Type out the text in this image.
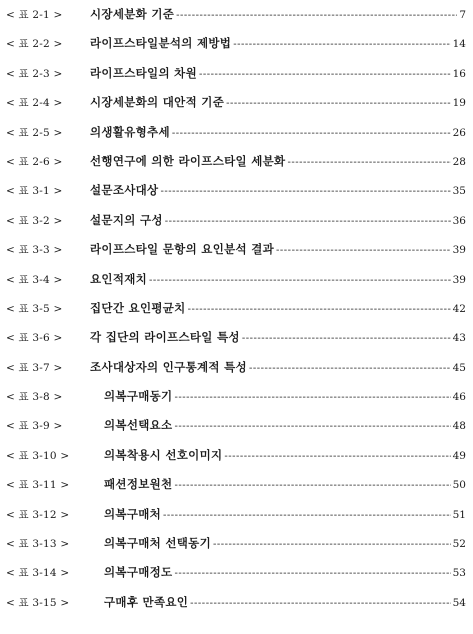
< 표 2-1 >	시장세분화 기준 -----	7
< 표 2-2 >	라이프스타일분석의 제방법 -----	14
< 표 2-3 >	라이프스타일의 차원 -----	16
< 표 2-4 >	시장세분화의 대안적 기준 -----	19
< 표 2-5 >	의생활유형추세 -----	26
< 표 2-6 >	선행연구에 의한 라이프스타일 세분화 -----	28
< 표 3-1 >	설문조사대상 -----	35
< 표 3-2 >	설문지의 구성 -----	36
< 표 3-3 >	라이프스타일 문항의 요인분석 결과 -----	39
< 표 3-4 >	요인적재치 -----	39
< 표 3-5 >	집단간 요인평균치 -----	42
< 표 3-6 >	각 집단의 라이프스타일 특성 -----	43
< 표 3-7 >	조사대상자의 인구통계적 특성 -----	45
< 표 3-8 >	의복구매동기 -----	46
< 표 3-9 >	의복선택요소 -----	48
< 표 3-10 >	의복착용시 선호이미지 -----	49
< 표 3-11 >	패션정보원천 -----	50
< 표 3-12 >	의복구매처 -----	51
< 표 3-13 >	의복구매처 선택동기 -----	52
< 표 3-14 >	의복구매정도 -----	53
< 표 3-15 >	구매후 만족요인 -----	54
